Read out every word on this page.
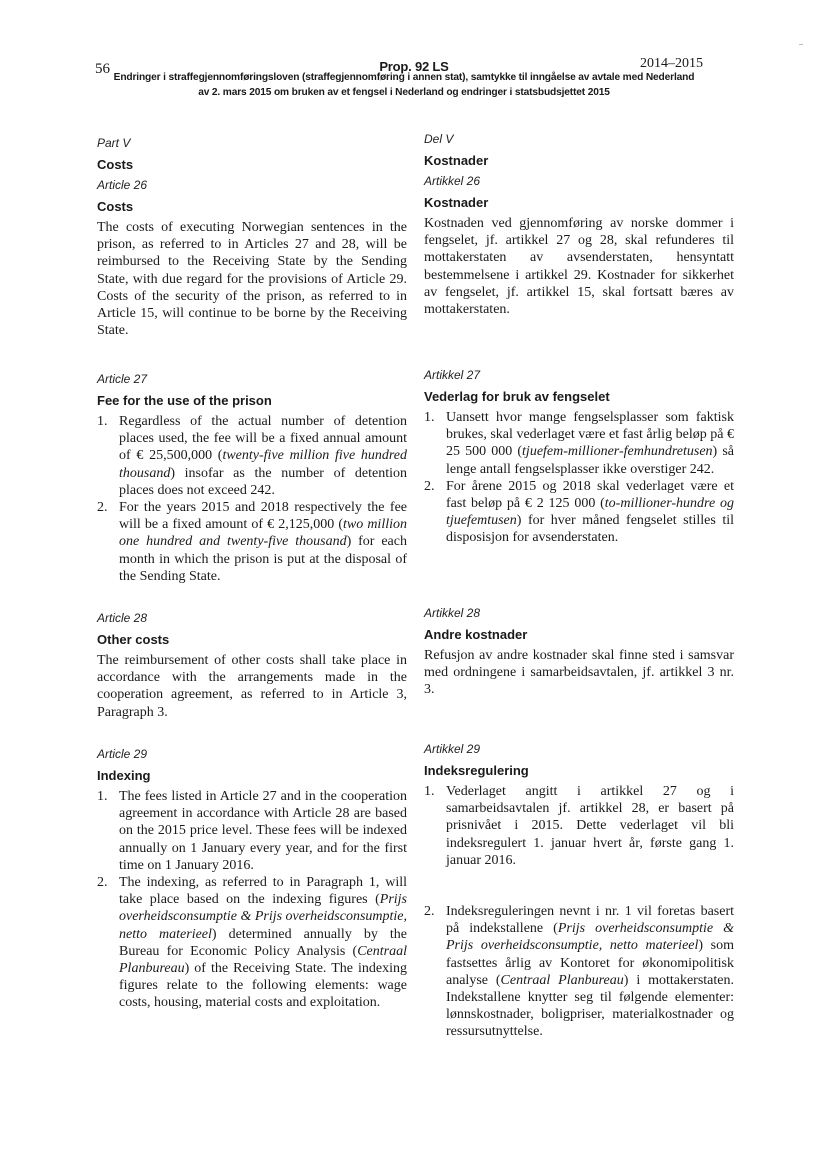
56	Prop. 92 LS	2014–2015
Endringer i straffegjennomføringsloven (straffegjennomføring i annen stat), samtykke til inngåelse av avtale med Nederland
av 2. mars 2015 om bruken av et fengsel i Nederland og endringer i statsbudsjettet 2015

Part V

Costs

Article 26

Costs

The costs of executing Norwegian sentences in the prison, as referred to in Articles 27 and 28, will be reimbursed to the Receiving State by the Sending State, with due regard for the provisions of Article 29. Costs of the security of the prison, as referred to in Article 15, will continue to be borne by the Receiving State.

Article 27

Fee for the use of the prison
1. Regardless of the actual number of detention places used, the fee will be a fixed annual amount of € 25,500,000 (twenty-five million five hundred thousand) insofar as the number of detention places does not exceed 242.
2. For the years 2015 and 2018 respectively the fee will be a fixed amount of € 2,125,000 (two million one hundred and twenty-five thousand) for each month in which the prison is put at the disposal of the Sending State.

Article 28

Other costs

The reimbursement of other costs shall take place in accordance with the arrangements made in the cooperation agreement, as referred to in Article 3, Paragraph 3.

Article 29

Indexing
1. The fees listed in Article 27 and in the cooperation agreement in accordance with Article 28 are based on the 2015 price level. These fees will be indexed annually on 1 January every year, and for the first time on 1 January 2016.
2. The indexing, as referred to in Paragraph 1, will take place based on the indexing figures (Prijs overheidsconsumptie & Prijs overheidsconsumptie, netto materieel) determined annually by the Bureau for Economic Policy Analysis (Centraal Planbureau) of the Receiving State. The indexing figures relate to the following elements: wage costs, housing, material costs and exploitation.

Del V

Kostnader

Artikkel 26

Kostnader

Kostnaden ved gjennomføring av norske dommer i fengselet, jf. artikkel 27 og 28, skal refunderes til mottakerstaten av avsenderstaten, hensyntatt bestemmelsene i artikkel 29. Kostnader for sikkerhet av fengselet, jf. artikkel 15, skal fortsatt bæres av mottakerstaten.

Artikkel 27

Vederlag for bruk av fengselet
1. Uansett hvor mange fengselsplasser som faktisk brukes, skal vederlaget være et fast årlig beløp på € 25 500 000 (tjuefem-millioner-femhundretusen) så lenge antall fengselsplasser ikke overstiger 242.
2. For årene 2015 og 2018 skal vederlaget være et fast beløp på € 2 125 000 (to-millioner-hundre og tjuefemtusen) for hver måned fengselet stilles til disposisjon for avsenderstaten.

Artikkel 28

Andre kostnader

Refusjon av andre kostnader skal finne sted i samsvar med ordningene i samarbeidsavtalen, jf. artikkel 3 nr. 3.

Artikkel 29

Indeksregulering
1. Vederlaget angitt i artikkel 27 og i samarbeidsavtalen jf. artikkel 28, er basert på prisnivået i 2015. Dette vederlaget vil bli indeksregulert 1. januar hvert år, første gang 1. januar 2016.
2. Indeksreguleringen nevnt i nr. 1 vil foretas basert på indekstallene (Prijs overheidsconsumptie & Prijs overheidsconsumptie, netto materieel) som fastsettes årlig av Kontoret for økonomipolitisk analyse (Centraal Planbureau) i mottakerstaten. Indekstallene knytter seg til følgende elementer: lønnskostnader, boligpriser, materialkostnader og ressursutnyttelse.
